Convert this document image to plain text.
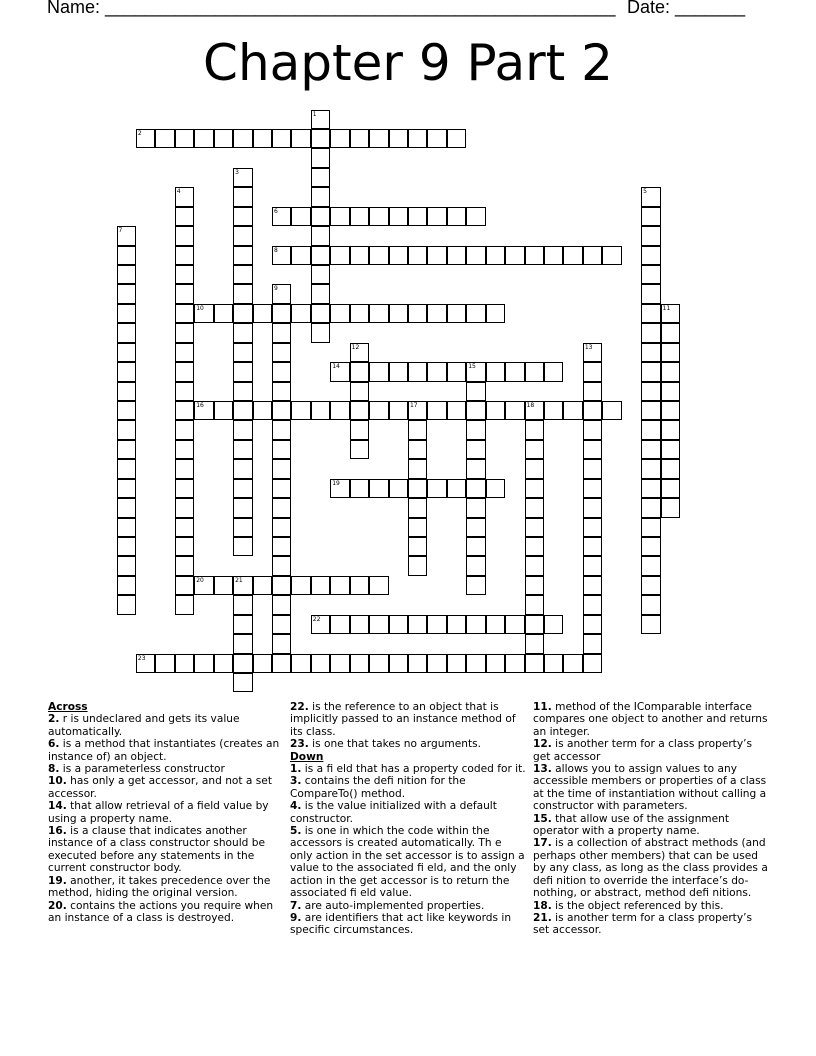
Name: ___________________________________________________ Date: _______
Chapter 9 Part 2
2
6
8
10
14	15
16	17	18
19
20	21
22
23
1
3
4	5
7
9
11
12	13
Across
2. r is undeclared and gets its value automatically.
6. is a method that instantiates (creates an instance of) an object.
8. is a parameterless constructor
10. has only a get accessor, and not a set accessor.
14. that allow retrieval of a field value by using a property name.
16. is a clause that indicates another instance of a class constructor should be executed before any statements in the current constructor body.
19. another, it takes precedence over the method, hiding the original version.
20. contains the actions you require when an instance of a class is destroyed.
22. is the reference to an object that is implicitly passed to an instance method of its class.
23. is one that takes no arguments.
Down
1. is a fi eld that has a property coded for it.
3. contains the defi nition for the CompareTo() method.
4. is the value initialized with a default constructor.
5. is one in which the code within the accessors is created automatically. Th e only action in the set accessor is to assign a value to the associated fi eld, and the only action in the get accessor is to return the associated fi eld value.
7. are auto-implemented properties.
9. are identifiers that act like keywords in specific circumstances.
11. method of the IComparable interface compares one object to another and returns an integer.
12. is another term for a class property’s get accessor
13. allows you to assign values to any accessible members or properties of a class at the time of instantiation without calling a constructor with parameters.
15. that allow use of the assignment operator with a property name.
17. is a collection of abstract methods (and perhaps other members) that can be used by any class, as long as the class provides a defi nition to override the interface’s do-nothing, or abstract, method defi nitions.
18. is the object referenced by this.
21. is another term for a class property’s set accessor.
